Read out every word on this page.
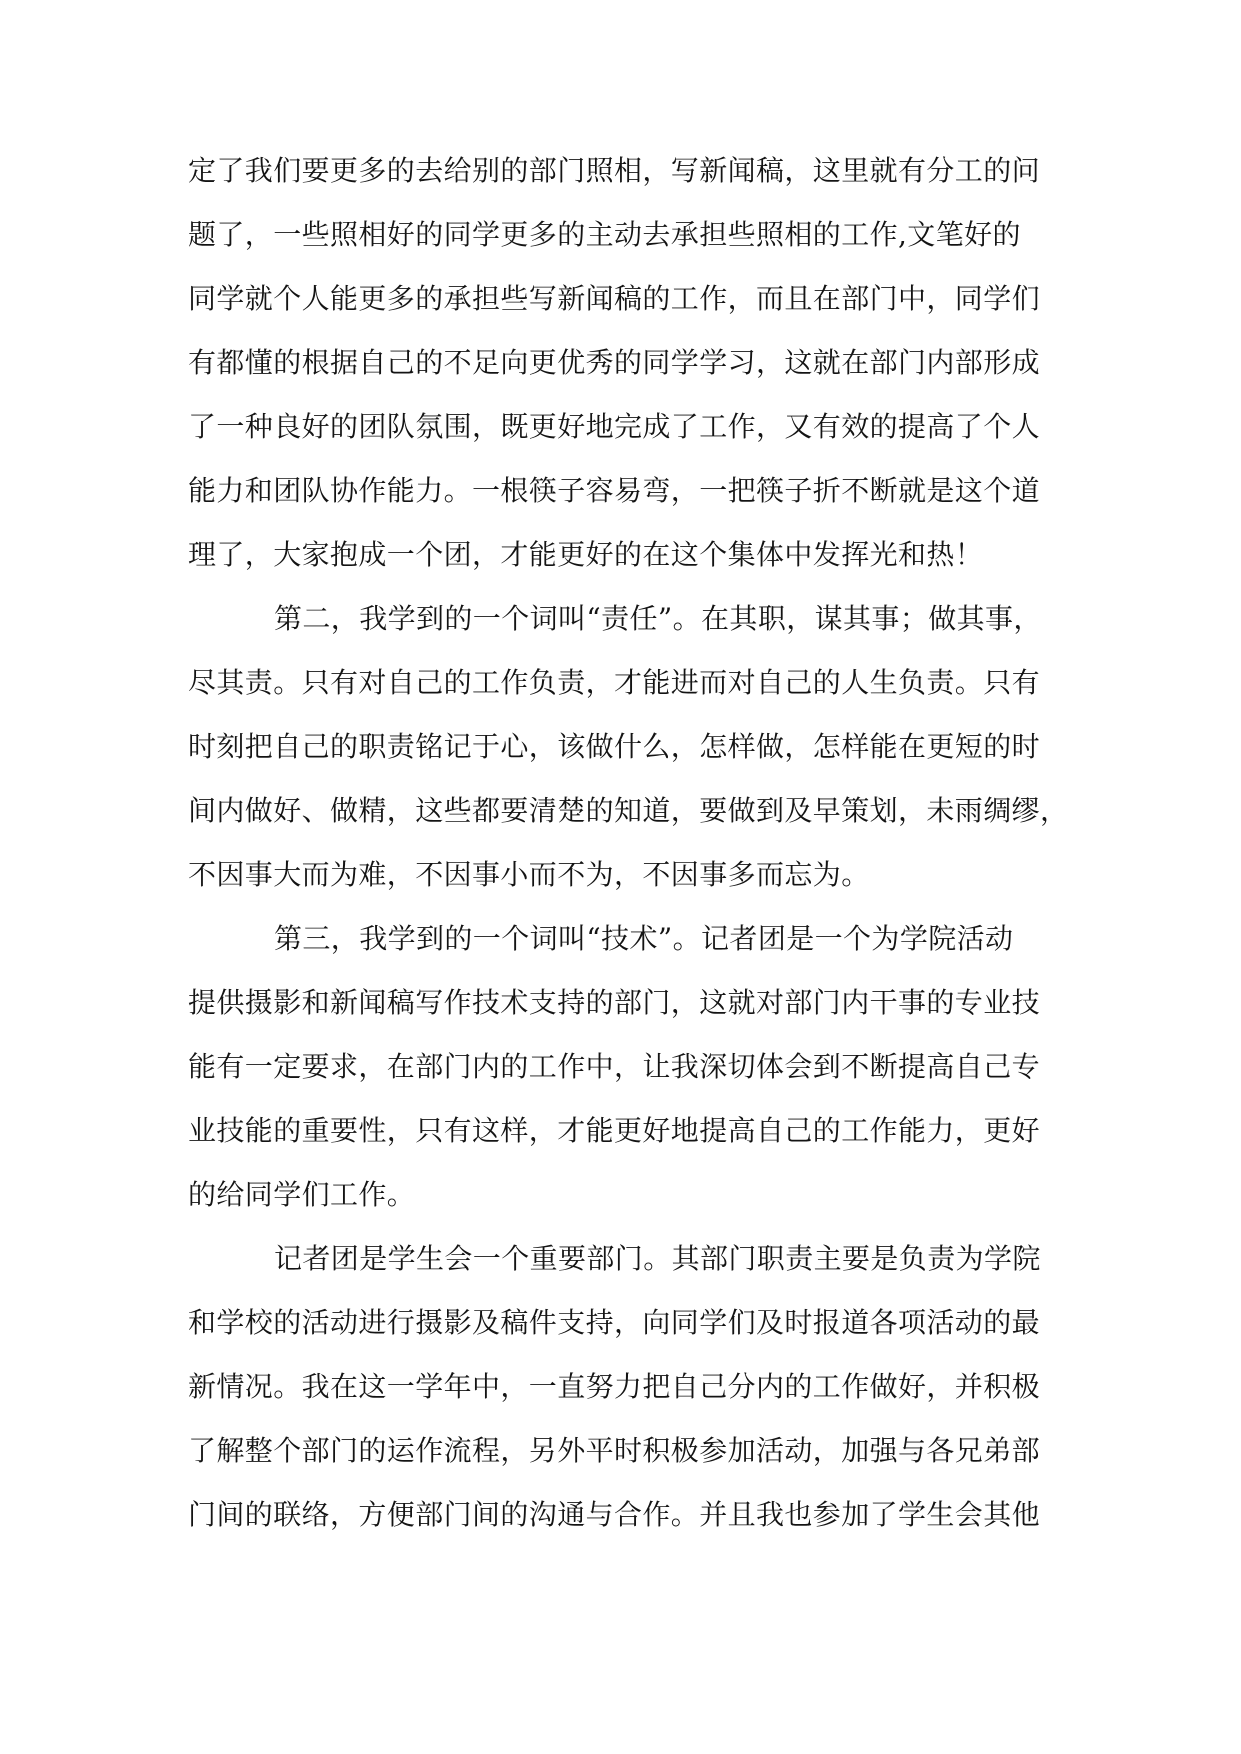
定了我们要更多的去给别的部门照相，写新闻稿，这里就有分工的问
题了，一些照相好的同学更多的主动去承担些照相的工作,文笔好的
同学就个人能更多的承担些写新闻稿的工作，而且在部门中，同学们
有都懂的根据自己的不足向更优秀的同学学习，这就在部门内部形成
了一种良好的团队氛围，既更好地完成了工作，又有效的提高了个人
能力和团队协作能力。一根筷子容易弯，一把筷子折不断就是这个道
理了，大家抱成一个团，才能更好的在这个集体中发挥光和热！
第二，我学到的一个词叫“责任”。在其职，谋其事；做其事，
尽其责。只有对自己的工作负责，才能进而对自己的人生负责。只有
时刻把自己的职责铭记于心，该做什么，怎样做，怎样能在更短的时
间内做好、做精，这些都要清楚的知道，要做到及早策划，未雨绸缪，
不因事大而为难，不因事小而不为，不因事多而忘为。
第三，我学到的一个词叫“技术”。记者团是一个为学院活动
提供摄影和新闻稿写作技术支持的部门，这就对部门内干事的专业技
能有一定要求，在部门内的工作中，让我深切体会到不断提高自己专
业技能的重要性，只有这样，才能更好地提高自己的工作能力，更好
的给同学们工作。
记者团是学生会一个重要部门。其部门职责主要是负责为学院
和学校的活动进行摄影及稿件支持，向同学们及时报道各项活动的最
新情况。我在这一学年中，一直努力把自己分内的工作做好，并积极
了解整个部门的运作流程，另外平时积极参加活动，加强与各兄弟部
门间的联络，方便部门间的沟通与合作。并且我也参加了学生会其他
